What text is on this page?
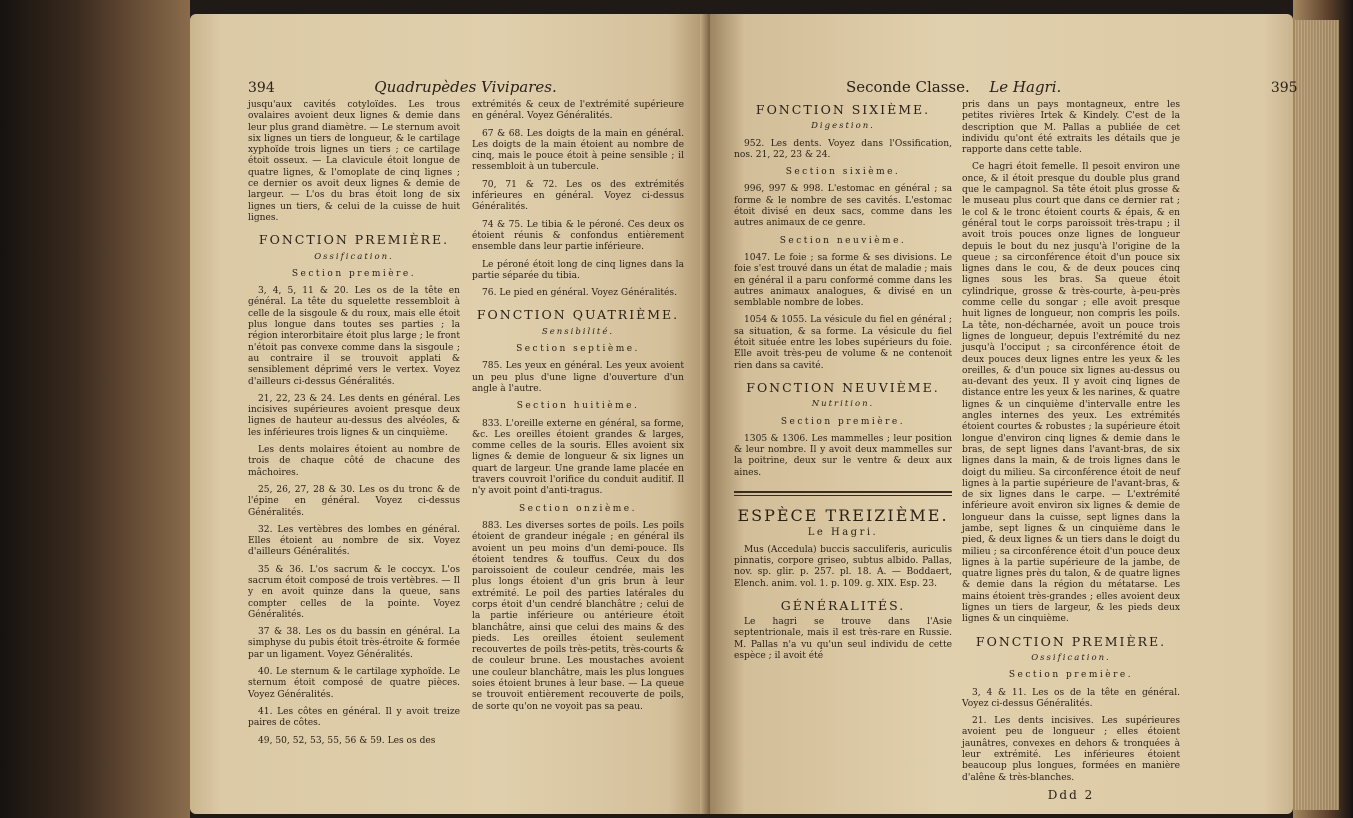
394	Quadrupèdes Vivipares.

jusqu'aux cavités cotyloïdes. Les trous ovalaires avoient deux lignes & demie dans leur plus grand diamètre. — Le sternum avoit six lignes un tiers de longueur, & le cartilage xyphoïde trois lignes un tiers ; ce cartilage étoit osseux. — La clavicule étoit longue de quatre lignes, & l'omoplate de cinq lignes ; ce dernier os avoit deux lignes & demie de largeur. — L'os du bras étoit long de six lignes un tiers, & celui de la cuisse de huit lignes.

FONCTION PREMIÈRE.
Ossification.
Section première.

3, 4, 5, 11 & 20. Les os de la tête en général. La tête du squelette ressembloit à celle de la sisgoule & du roux, mais elle étoit plus longue dans toutes ses parties ; la région interorbitaire étoit plus large ; le front n'étoit pas convexe comme dans la sisgoule ; au contraire il se trouvoit applati & sensiblement déprimé vers le vertex. Voyez d'ailleurs ci-dessus Généralités.

21, 22, 23 & 24. Les dents en général. Les incisives supérieures avoient presque deux lignes de hauteur au-dessus des alvéoles, & les inférieures trois lignes & un cinquième.

Les dents molaires étoient au nombre de trois de chaque côté de chacune des mâchoires.

25, 26, 27, 28 & 30. Les os du tronc & de l'épine en général. Voyez ci-dessus Généralités.

32. Les vertèbres des lombes en général. Elles étoient au nombre de six. Voyez d'ailleurs Généralités.

35 & 36. L'os sacrum & le coccyx. L'os sacrum étoit composé de trois vertèbres. — Il y en avoit quinze dans la queue, sans compter celles de la pointe. Voyez Généralités.

37 & 38. Les os du bassin en général. La simphyse du pubis étoit très-étroite & formée par un ligament. Voyez Généralités.

40. Le sternum & le cartilage xyphoïde. Le sternum étoit composé de quatre pièces. Voyez Généralités.

41. Les côtes en général. Il y avoit treize paires de côtes.

49, 50, 52, 53, 55, 56 & 59. Les os des

extrémités & ceux de l'extrémité supérieure en général. Voyez Généralités.

67 & 68. Les doigts de la main en général. Les doigts de la main étoient au nombre de cinq, mais le pouce étoit à peine sensible ; il ressembloit à un tubercule.

70, 71 & 72. Les os des extrémités inférieures en général. Voyez ci-dessus Généralités.

74 & 75. Le tibia & le péroné. Ces deux os étoient réunis & confondus entièrement ensemble dans leur partie inférieure.

Le péroné étoit long de cinq lignes dans la partie séparée du tibia.

76. Le pied en général. Voyez Généralités.

FONCTION QUATRIÈME.
Sensibilité.
Section septième.

785. Les yeux en général. Les yeux avoient un peu plus d'une ligne d'ouverture d'un angle à l'autre.

Section huitième.

833. L'oreille externe en général, sa forme, &c. Les oreilles étoient grandes & larges, comme celles de la souris. Elles avoient six lignes & demie de longueur & six lignes un quart de largeur. Une grande lame placée en travers couvroit l'orifice du conduit auditif. Il n'y avoit point d'anti-tragus.

Section onzième.

883. Les diverses sortes de poils. Les poils étoient de grandeur inégale ; en général ils avoient un peu moins d'un demi-pouce. Ils étoient tendres & touffus. Ceux du dos paroissoient de couleur cendrée, mais les plus longs étoient d'un gris brun à leur extrémité. Le poil des parties latérales du corps étoit d'un cendré blanchâtre ; celui de la partie inférieure ou antérieure étoit blanchâtre, ainsi que celui des mains & des pieds. Les oreilles étoient seulement recouvertes de poils très-petits, très-courts & de couleur brune. Les moustaches avoient une couleur blanchâtre, mais les plus longues soies étoient brunes à leur base. — La queue se trouvoit entièrement recouverte de poils, de sorte qu'on ne voyoit pas sa peau.

Seconde Classe. Le Hagri.	395
FONCTION SIXIÈME.
Digestion.

952. Les dents. Voyez dans l'Ossification, nos. 21, 22, 23 & 24.

Section sixième.

996, 997 & 998. L'estomac en général ; sa forme & le nombre de ses cavités. L'estomac étoit divisé en deux sacs, comme dans les autres animaux de ce genre.

Section neuvième.

1047. Le foie ; sa forme & ses divisions. Le foie s'est trouvé dans un état de maladie ; mais en général il a paru conformé comme dans les autres animaux analogues, & divisé en un semblable nombre de lobes.

1054 & 1055. La vésicule du fiel en général ; sa situation, & sa forme. La vésicule du fiel étoit située entre les lobes supérieurs du foie. Elle avoit très-peu de volume & ne contenoit rien dans sa cavité.

FONCTION NEUVIÈME.
Nutrition.
Section première.

1305 & 1306. Les mammelles ; leur position & leur nombre. Il y avoit deux mammelles sur la poitrine, deux sur le ventre & deux aux aines.

ESPÈCE TREIZIÈME.
Le Hagri.

Mus (Accedula) buccis sacculiferis, auriculis pinnatis, corpore griseo, subtus albido. Pallas, nov. sp. glir. p. 257. pl. 18. A. — Boddaert, Elench. anim. vol. 1. p. 109. g. XIX. Esp. 23.

GÉNÉRALITÉS.

Le hagri se trouve dans l'Asie septentrionale, mais il est très-rare en Russie. M. Pallas n'a vu qu'un seul individu de cette espèce ; il avoit été

pris dans un pays montagneux, entre les petites rivières Irtek & Kindely. C'est de la description que M. Pallas a publiée de cet individu qu'ont été extraits les détails que je rapporte dans cette table.

Ce hagri étoit femelle. Il pesoit environ une once, & il étoit presque du double plus grand que le campagnol. Sa tête étoit plus grosse & le museau plus court que dans ce dernier rat ; le col & le tronc étoient courts & épais, & en général tout le corps paroissoit très-trapu ; il avoit trois pouces onze lignes de longueur depuis le bout du nez jusqu'à l'origine de la queue ; sa circonférence étoit d'un pouce six lignes dans le cou, & de deux pouces cinq lignes sous les bras. Sa queue étoit cylindrique, grosse & très-courte, à-peu-près comme celle du songar ; elle avoit presque huit lignes de longueur, non compris les poils. La tête, non-décharnée, avoit un pouce trois lignes de longueur, depuis l'extrémité du nez jusqu'à l'occiput ; sa circonférence étoit de deux pouces deux lignes entre les yeux & les oreilles, & d'un pouce six lignes au-dessus ou au-devant des yeux. Il y avoit cinq lignes de distance entre les yeux & les narines, & quatre lignes & un cinquième d'intervalle entre les angles internes des yeux. Les extrémités étoient courtes & robustes ; la supérieure étoit longue d'environ cinq lignes & demie dans le bras, de sept lignes dans l'avant-bras, de six lignes dans la main, & de trois lignes dans le doigt du milieu. Sa circonférence étoit de neuf lignes à la partie supérieure de l'avant-bras, & de six lignes dans le carpe. — L'extrémité inférieure avoit environ six lignes & demie de longueur dans la cuisse, sept lignes dans la jambe, sept lignes & un cinquième dans le pied, & deux lignes & un tiers dans le doigt du milieu ; sa circonférence étoit d'un pouce deux lignes à la partie supérieure de la jambe, de quatre lignes près du talon, & de quatre lignes & demie dans la région du métatarse. Les mains étoient très-grandes ; elles avoient deux lignes un tiers de largeur, & les pieds deux lignes & un cinquième.

FONCTION PREMIÈRE.
Ossification.
Section première.

3, 4 & 11. Les os de la tête en général. Voyez ci-dessus Généralités.

21. Les dents incisives. Les supérieures avoient peu de longueur ; elles étoient jaunâtres, convexes en dehors & tronquées à leur extrémité. Les inférieures étoient beaucoup plus longues, formées en manière d'alêne & très-blanches.

Ddd 2
